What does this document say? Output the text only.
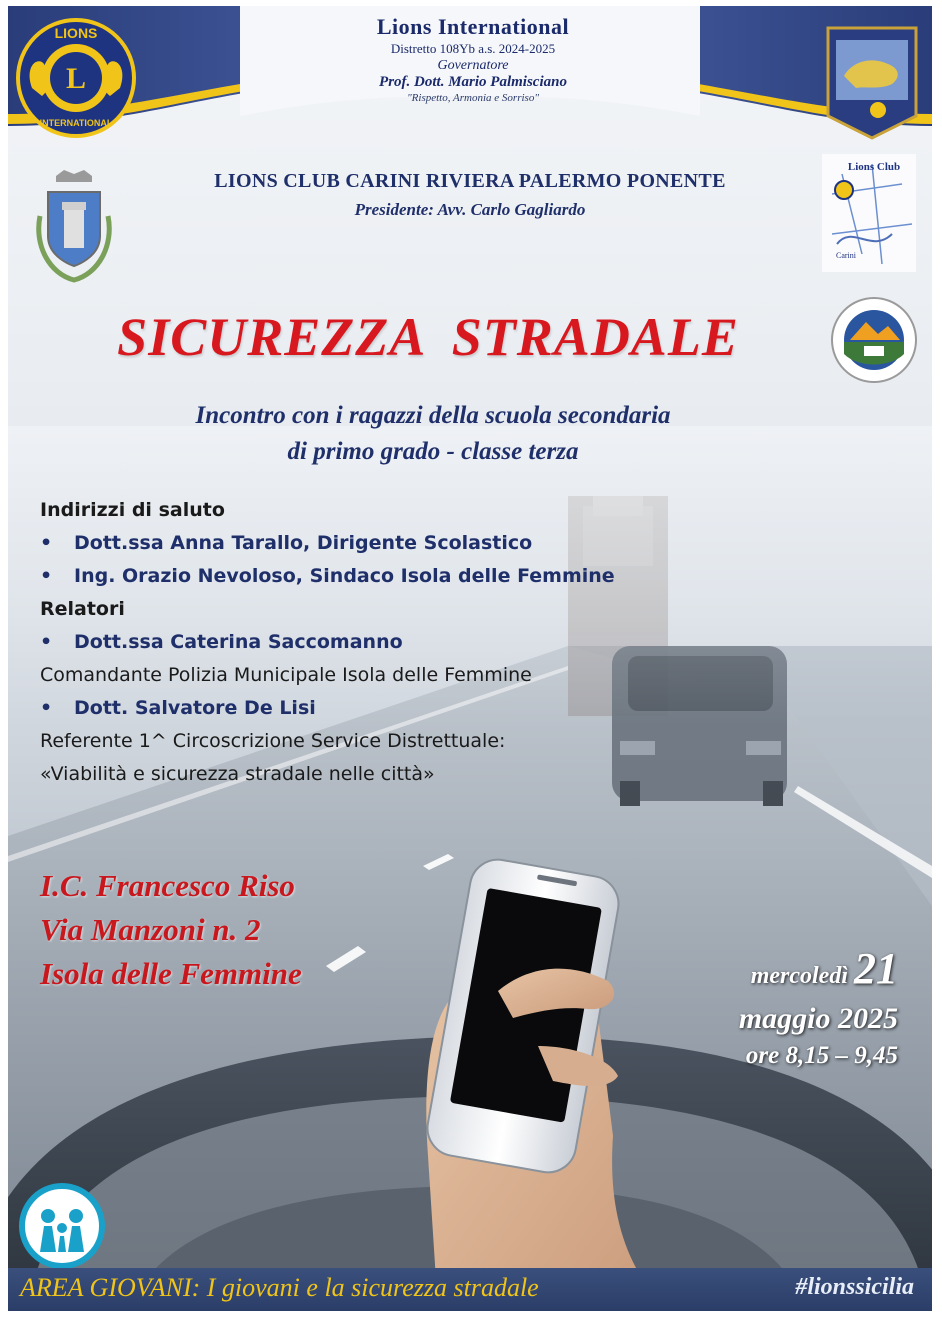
Lions International
Distretto 108Yb a.s. 2024-2025
Governatore
Prof. Dott. Mario Palmisciano
"Rispetto, Armonia e Sorriso"
L
LIONS
INTERNATIONAL
Lions Club
Carini
LIONS CLUB CARINI RIVIERA PALERMO PONENTE
Presidente: Avv. Carlo Gagliardo
SICUREZZA STRADALE
Incontro con i ragazzi della scuola secondaria
di primo grado - classe terza
Indirizzi di saluto
• Dott.ssa Anna Tarallo, Dirigente Scolastico
• Ing. Orazio Nevoloso, Sindaco Isola delle Femmine
Relatori
• Dott.ssa Caterina Saccomanno
Comandante Polizia Municipale Isola delle Femmine
• Dott. Salvatore De Lisi
Referente 1^ Circoscrizione Service Distrettuale:
«Viabilità e sicurezza stradale nelle città»
I.C. Francesco Riso
Via Manzoni n. 2
Isola delle Femmine	mercoledì 21
maggio 2025
ore 8,15 – 9,45
AREA GIOVANI: I giovani e la sicurezza stradale	#lionssicilia
